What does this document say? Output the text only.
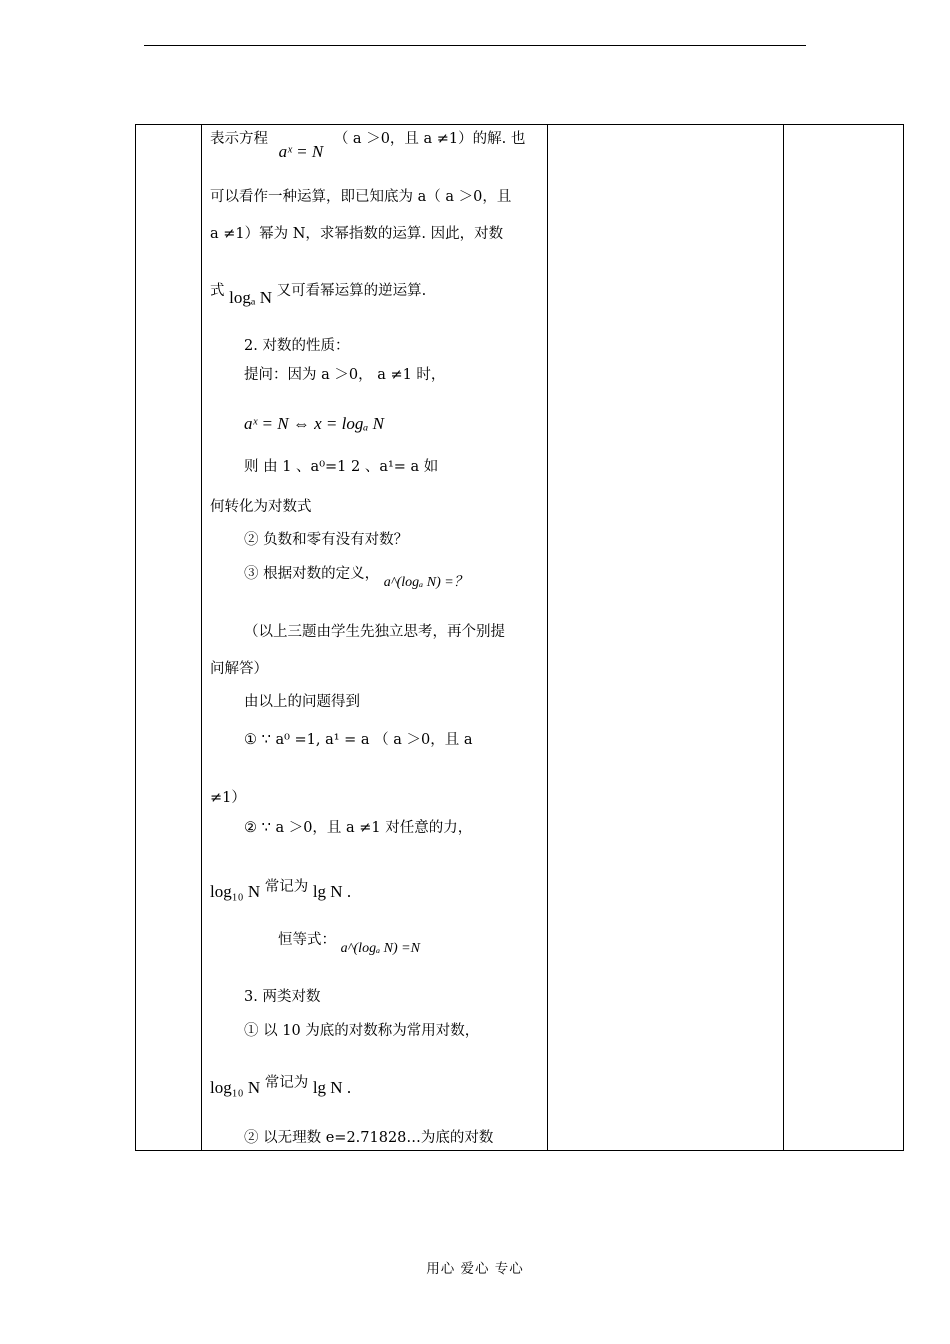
表示方程 aˣ = N （ a ＞0，且 a ≠1）的解. 也
可以看作一种运算，即已知底为 a（ a ＞0，且
a ≠1）幂为 N，求幂指数的运算. 因此，对数
式 logₐ N 又可看幂运算的逆运算.
2. 对数的性质：
提问：因为 a ＞0， a ≠1 时，
aˣ = N ⇔ x = logₐ N
则 由 1 、a⁰=1 2 、a¹= a 如
何转化为对数式
② 负数和零有没有对数？
③ 根据对数的定义， a^(logₐ N) =？
（以上三题由学生先独立思考，再个别提
问解答）
由以上的问题得到
① ∵ a⁰ =1, a¹ = a （ a ＞0，且 a
≠1）
② ∵ a ＞0，且 a ≠1 对任意的力，
log₁₀ N 常记为 lg N .
恒等式： a^(logₐ N) =N
3. 两类对数
① 以 10 为底的对数称为常用对数，
log₁₀ N 常记为 lg N .
② 以无理数 e=2.71828…为底的对数
用心 爱心 专心
